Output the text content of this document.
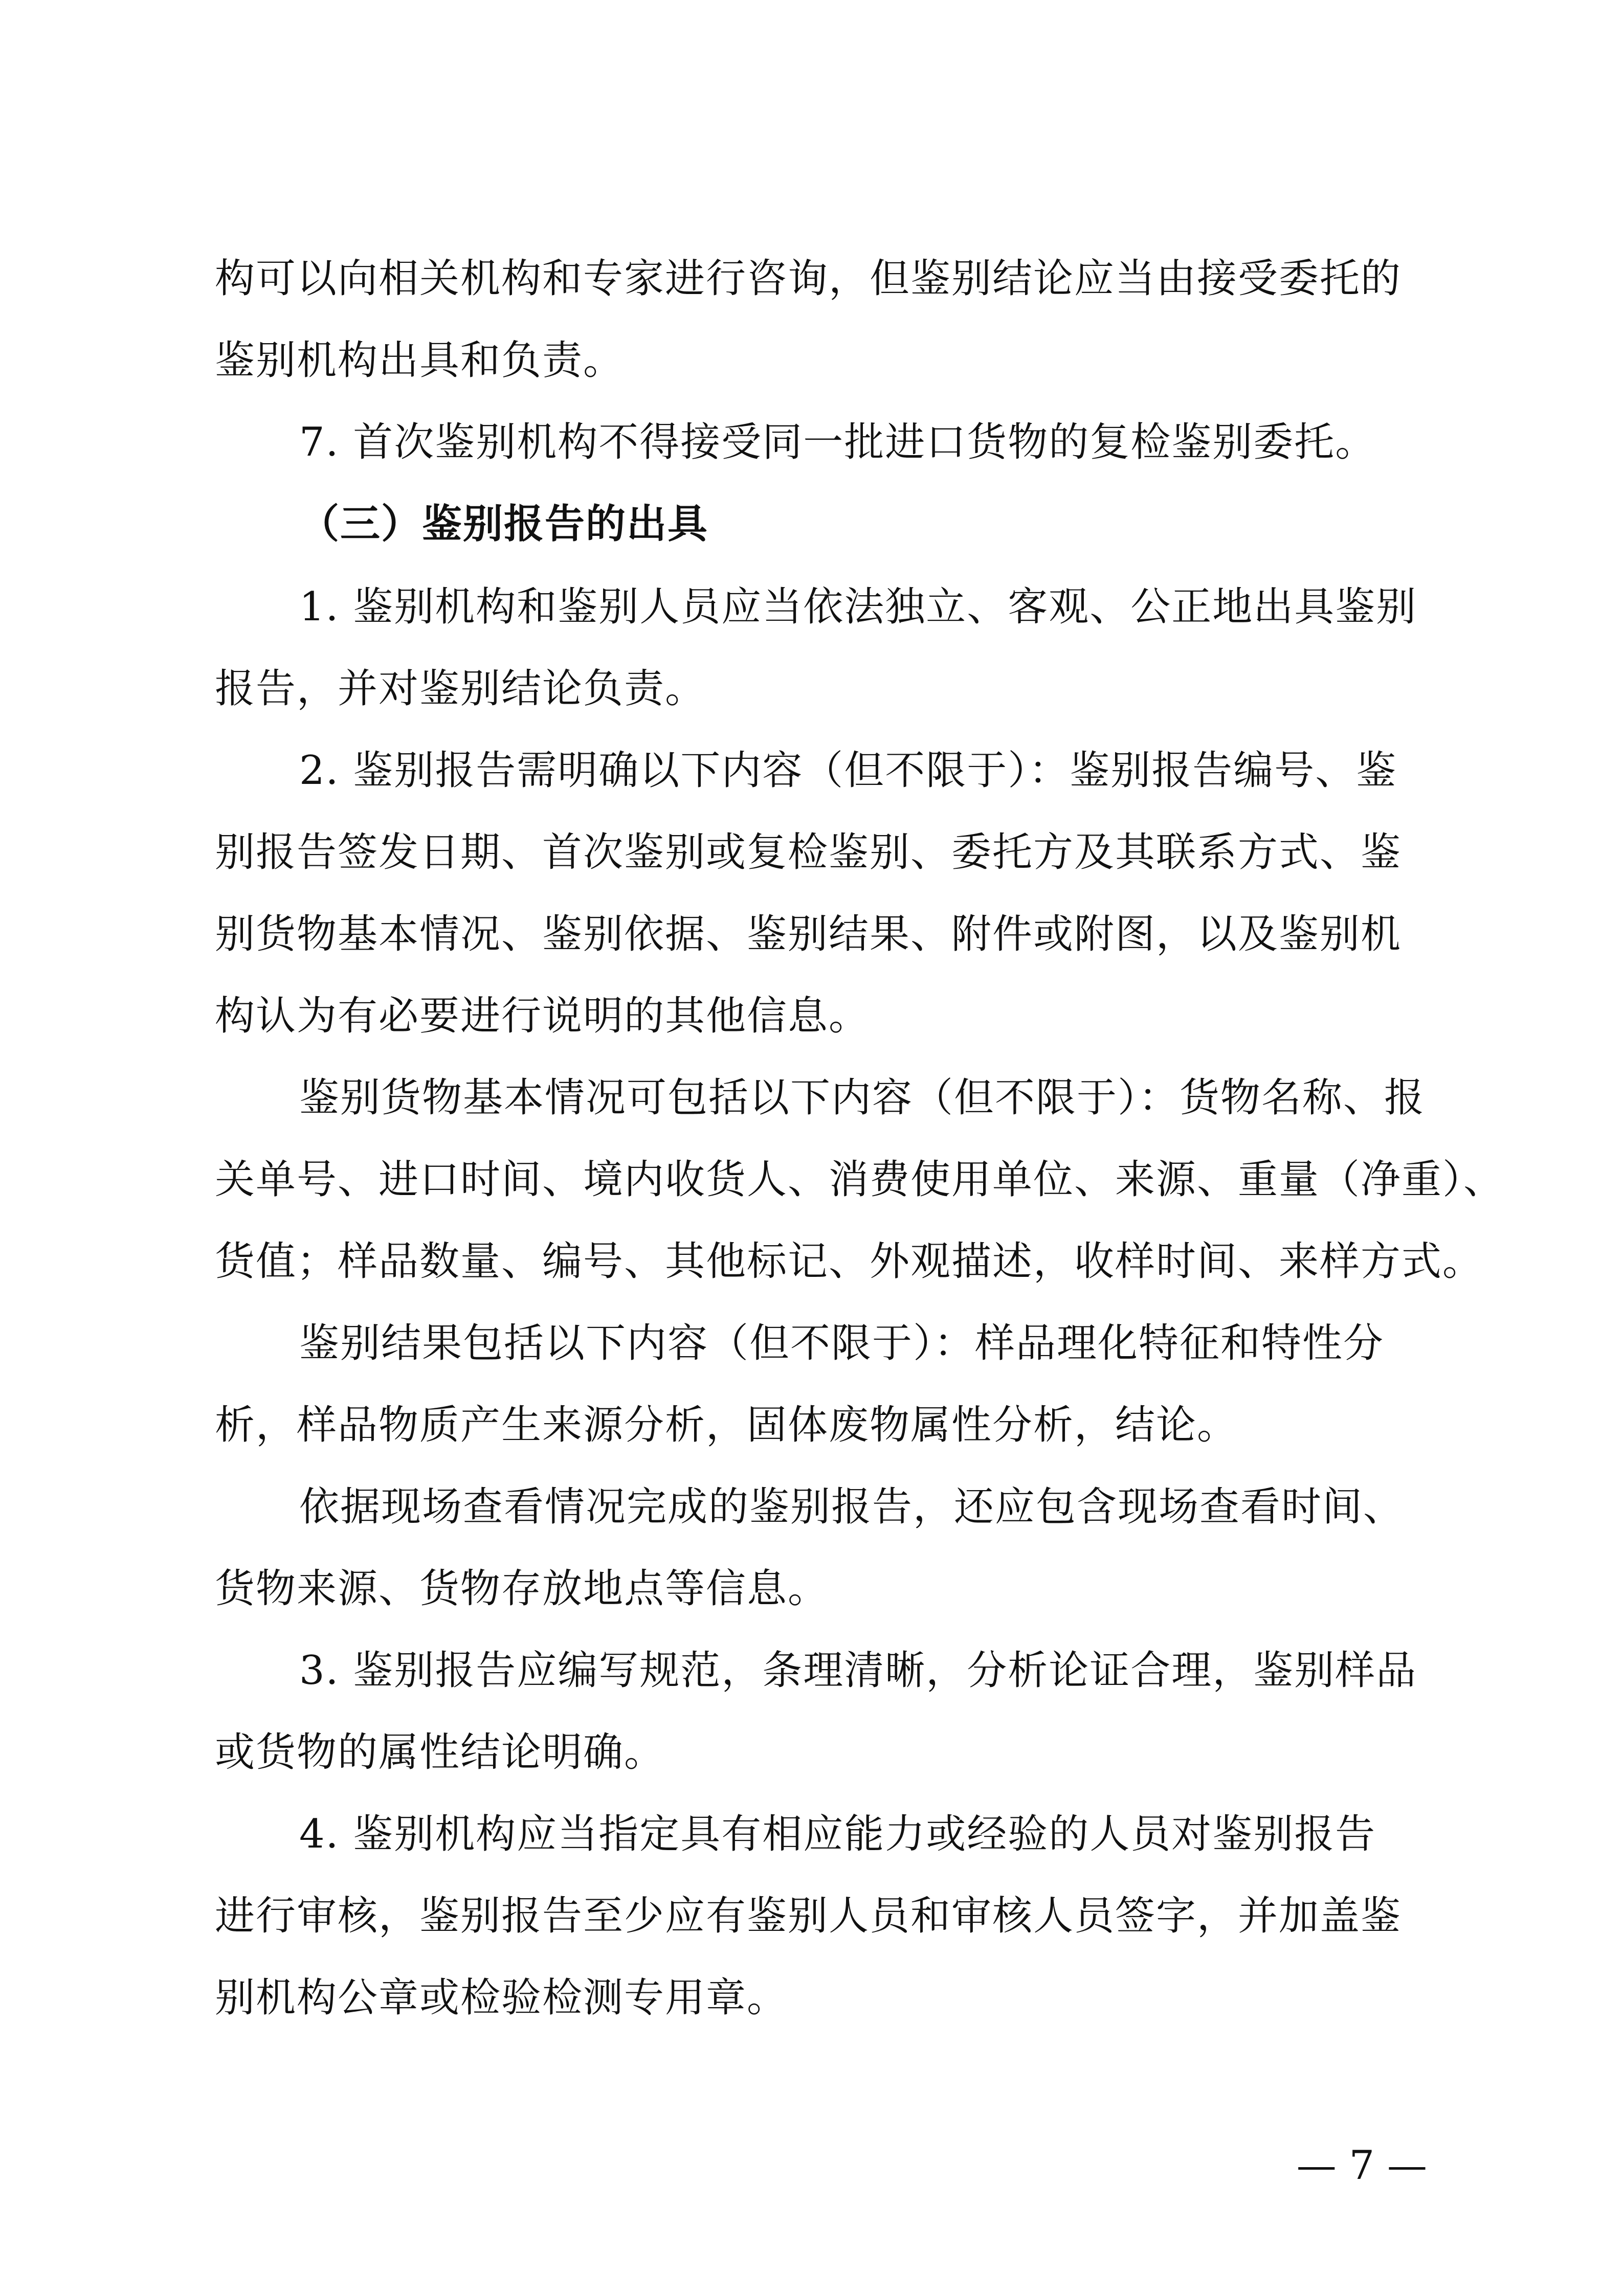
构可以向相关机构和专家进行咨询，但鉴别结论应当由接受委托的
鉴别机构出具和负责。
7. 首次鉴别机构不得接受同一批进口货物的复检鉴别委托。
（三）鉴别报告的出具
1. 鉴别机构和鉴别人员应当依法独立、客观、公正地出具鉴别
报告，并对鉴别结论负责。
2. 鉴别报告需明确以下内容（但不限于）：鉴别报告编号、鉴
别报告签发日期、首次鉴别或复检鉴别、委托方及其联系方式、鉴
别货物基本情况、鉴别依据、鉴别结果、附件或附图，以及鉴别机
构认为有必要进行说明的其他信息。
鉴别货物基本情况可包括以下内容（但不限于）：货物名称、报
关单号、进口时间、境内收货人、消费使用单位、来源、重量（净重）、
货值；样品数量、编号、其他标记、外观描述，收样时间、来样方式。
鉴别结果包括以下内容（但不限于）：样品理化特征和特性分
析，样品物质产生来源分析，固体废物属性分析，结论。
依据现场查看情况完成的鉴别报告，还应包含现场查看时间、
货物来源、货物存放地点等信息。
3. 鉴别报告应编写规范，条理清晰，分析论证合理，鉴别样品
或货物的属性结论明确。
4. 鉴别机构应当指定具有相应能力或经验的人员对鉴别报告
进行审核，鉴别报告至少应有鉴别人员和审核人员签字，并加盖鉴
别机构公章或检验检测专用章。
— 7 —
